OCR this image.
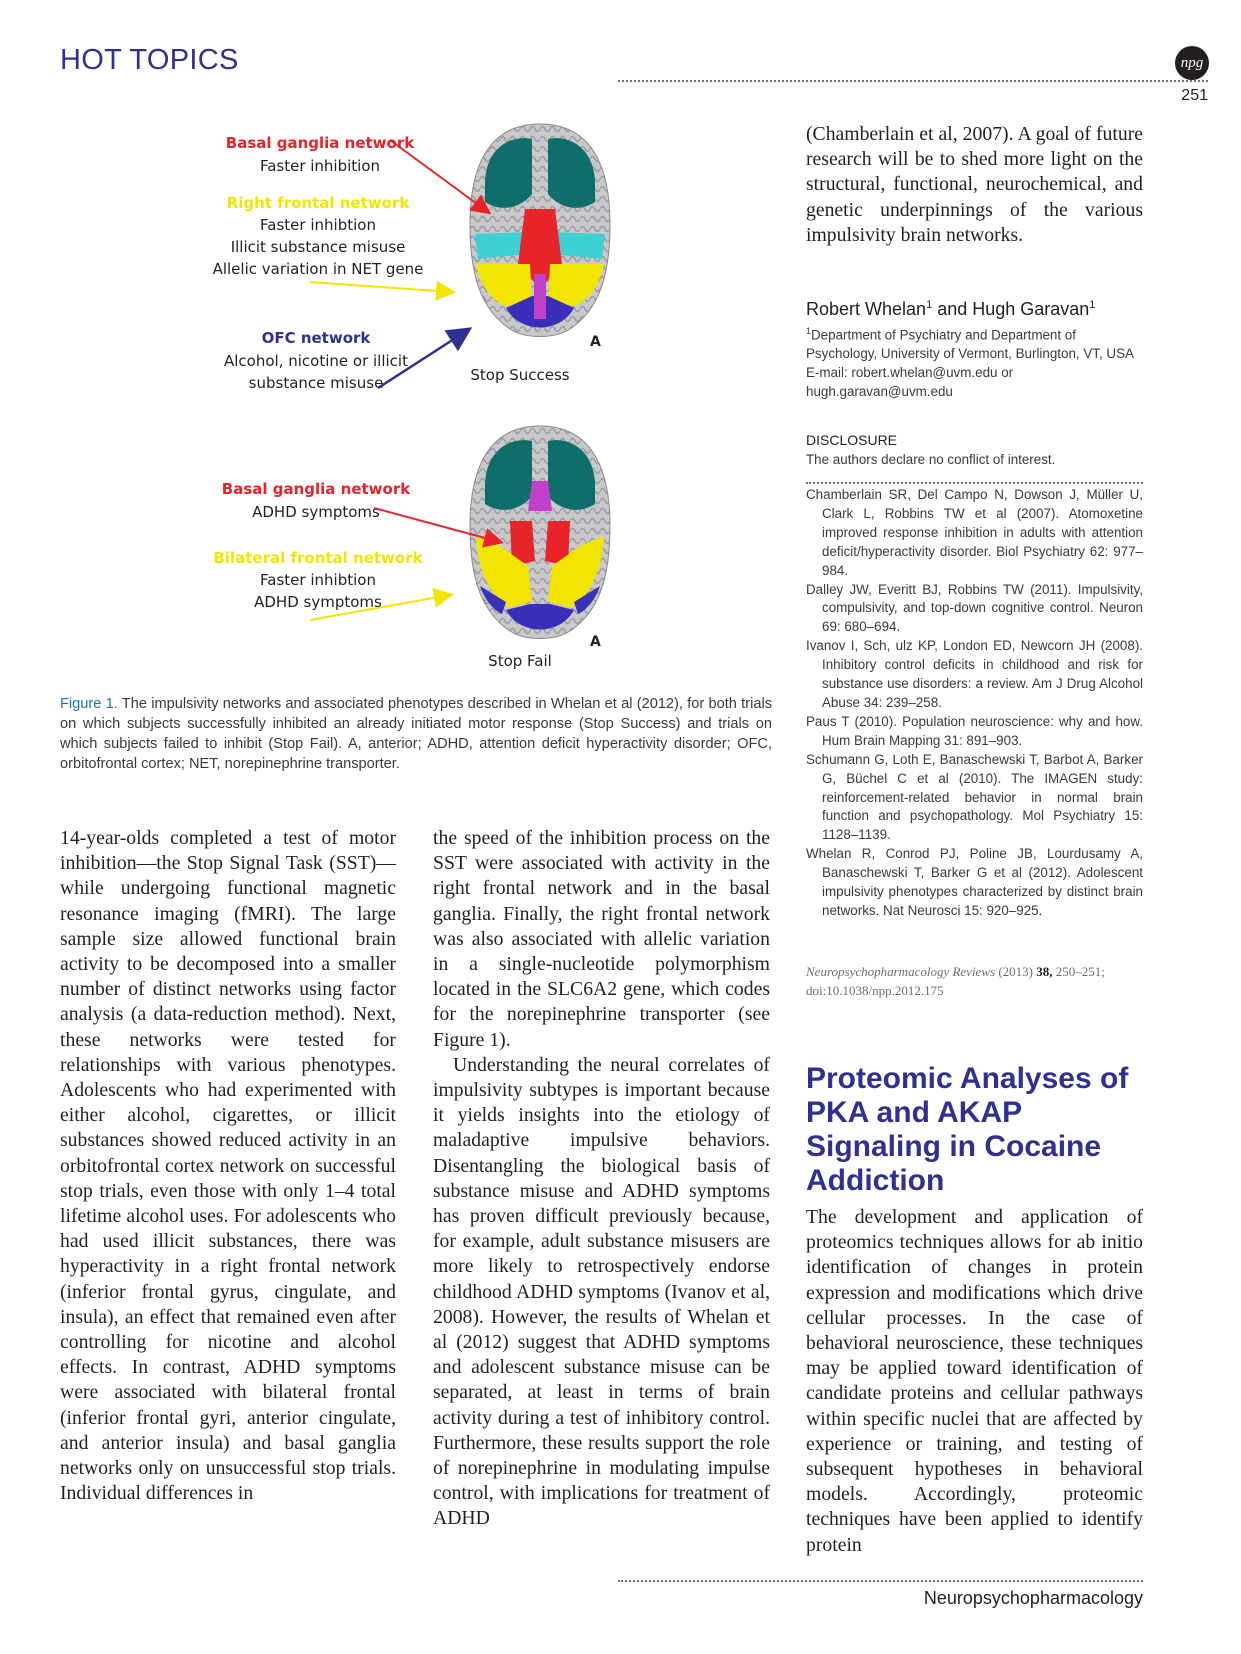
HOT TOPICS	npg
251
Basal ganglia network
Faster inhibition
Right frontal network
Faster inhibtion
Illicit substance misuse
Allelic variation in NET gene
OFC network
Alcohol, nicotine or illicit
substance misuse	Stop Success
A
Basal ganglia network
ADHD symptoms
Bilateral frontal network
Faster inhibtion
ADHD symptoms
Stop Fail
A
Figure 1. The impulsivity networks and associated phenotypes described in Whelan et al (2012), for both trials on which subjects successfully inhibited an already initiated motor response (Stop Success) and trials on which subjects failed to inhibit (Stop Fail). A, anterior; ADHD, attention deficit hyperactivity disorder; OFC, orbitofrontal cortex; NET, norepinephrine transporter.
14-year-olds completed a test of motor inhibition—the Stop Signal Task (SST)—while undergoing functional magnetic resonance imaging (fMRI). The large sample size allowed functional brain activity to be decomposed into a smaller number of distinct networks using factor analysis (a data-reduction method). Next, these networks were tested for relationships with various phenotypes. Adolescents who had experimented with either alcohol, cigarettes, or illicit substances showed reduced activity in an orbitofrontal cortex network on successful stop trials, even those with only 1–4 total lifetime alcohol uses. For adolescents who had used illicit substances, there was hyperactivity in a right frontal network (inferior frontal gyrus, cingulate, and insula), an effect that remained even after controlling for nicotine and alcohol effects. In contrast, ADHD symptoms were associated with bilateral frontal (inferior frontal gyri, anterior cingulate, and anterior insula) and basal ganglia networks only on unsuccessful stop trials. Individual differences in

the speed of the inhibition process on the SST were associated with activity in the right frontal network and in the basal ganglia. Finally, the right frontal network was also associated with allelic variation in a single-nucleotide polymorphism located in the SLC6A2 gene, which codes for the norepinephrine transporter (see Figure 1).

Understanding the neural correlates of impulsivity subtypes is important because it yields insights into the etiology of maladaptive impulsive behaviors. Disentangling the biological basis of substance misuse and ADHD symptoms has proven difficult previously because, for example, adult substance misusers are more likely to retrospectively endorse childhood ADHD symptoms (Ivanov et al, 2008). However, the results of Whelan et al (2012) suggest that ADHD symptoms and adolescent substance misuse can be separated, at least in terms of brain activity during a test of inhibitory control. Furthermore, these results support the role of norepinephrine in modulating impulse control, with implications for treatment of ADHD

(Chamberlain et al, 2007). A goal of future research will be to shed more light on the structural, functional, neurochemical, and genetic underpinnings of the various impulsivity brain networks.
Robert Whelan$^1$ and Hugh Garavan$^1$
$^1$Department of Psychiatry and Department of Psychology, University of Vermont, Burlington, VT, USA
E-mail: robert.whelan@uvm.edu or hugh.garavan@uvm.edu
DISCLOSURE
The authors declare no conflict of interest.
Chamberlain SR, Del Campo N, Dowson J, Müller U, Clark L, Robbins TW et al (2007). Atomoxetine improved response inhibition in adults with attention deficit/hyperactivity disorder. Biol Psychiatry 62: 977–984.
Dalley JW, Everitt BJ, Robbins TW (2011). Impulsivity, compulsivity, and top-down cognitive control. Neuron 69: 680–694.
Ivanov I, Sch, ulz KP, London ED, Newcorn JH (2008). Inhibitory control deficits in childhood and risk for substance use disorders: a review. Am J Drug Alcohol Abuse 34: 239–258.
Paus T (2010). Population neuroscience: why and how. Hum Brain Mapping 31: 891–903.
Schumann G, Loth E, Banaschewski T, Barbot A, Barker G, Büchel C et al (2010). The IMAGEN study: reinforcement-related behavior in normal brain function and psychopathology. Mol Psychiatry 15: 1128–1139.
Whelan R, Conrod PJ, Poline JB, Lourdusamy A, Banaschewski T, Barker G et al (2012). Adolescent impulsivity phenotypes characterized by distinct brain networks. Nat Neurosci 15: 920–925.
Neuropsychopharmacology Reviews (2013) 38, 250–251; doi:10.1038/npp.2012.175
Proteomic Analyses of PKA and AKAP Signaling in Cocaine Addiction
The development and application of proteomics techniques allows for ab initio identification of changes in protein expression and modifications which drive cellular processes. In the case of behavioral neuroscience, these techniques may be applied toward identification of candidate proteins and cellular pathways within specific nuclei that are affected by experience or training, and testing of subsequent hypotheses in behavioral models. Accordingly, proteomic techniques have been applied to identify protein
Neuropsychopharmacology
